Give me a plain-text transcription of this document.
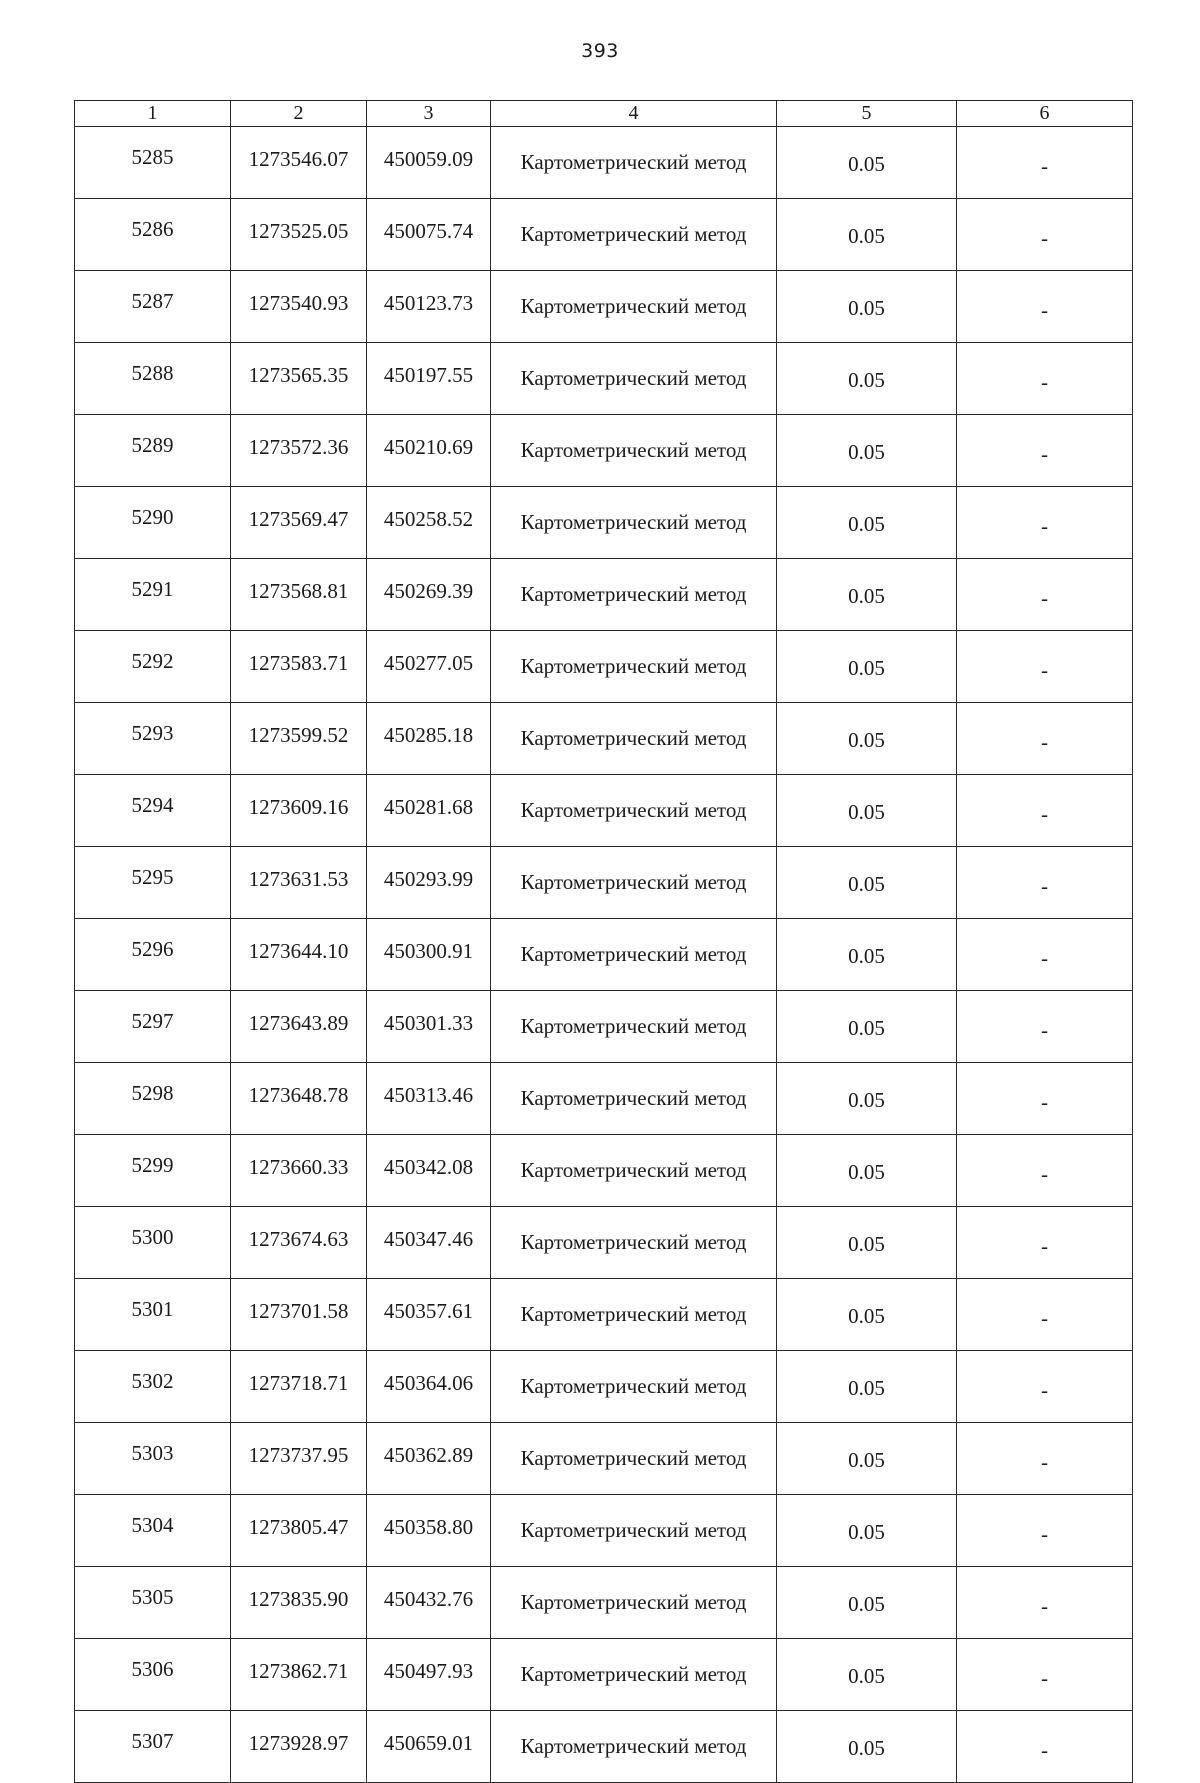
393
1	2	3	4	5	6
5285	1273546.07	450059.09	Картометрический метод	0.05	-
5286	1273525.05	450075.74	Картометрический метод	0.05	-
5287	1273540.93	450123.73	Картометрический метод	0.05	-
5288	1273565.35	450197.55	Картометрический метод	0.05	-
5289	1273572.36	450210.69	Картометрический метод	0.05	-
5290	1273569.47	450258.52	Картометрический метод	0.05	-
5291	1273568.81	450269.39	Картометрический метод	0.05	-
5292	1273583.71	450277.05	Картометрический метод	0.05	-
5293	1273599.52	450285.18	Картометрический метод	0.05	-
5294	1273609.16	450281.68	Картометрический метод	0.05	-
5295	1273631.53	450293.99	Картометрический метод	0.05	-
5296	1273644.10	450300.91	Картометрический метод	0.05	-
5297	1273643.89	450301.33	Картометрический метод	0.05	-
5298	1273648.78	450313.46	Картометрический метод	0.05	-
5299	1273660.33	450342.08	Картометрический метод	0.05	-
5300	1273674.63	450347.46	Картометрический метод	0.05	-
5301	1273701.58	450357.61	Картометрический метод	0.05	-
5302	1273718.71	450364.06	Картометрический метод	0.05	-
5303	1273737.95	450362.89	Картометрический метод	0.05	-
5304	1273805.47	450358.80	Картометрический метод	0.05	-
5305	1273835.90	450432.76	Картометрический метод	0.05	-
5306	1273862.71	450497.93	Картометрический метод	0.05	-
5307	1273928.97	450659.01	Картометрический метод	0.05	-
